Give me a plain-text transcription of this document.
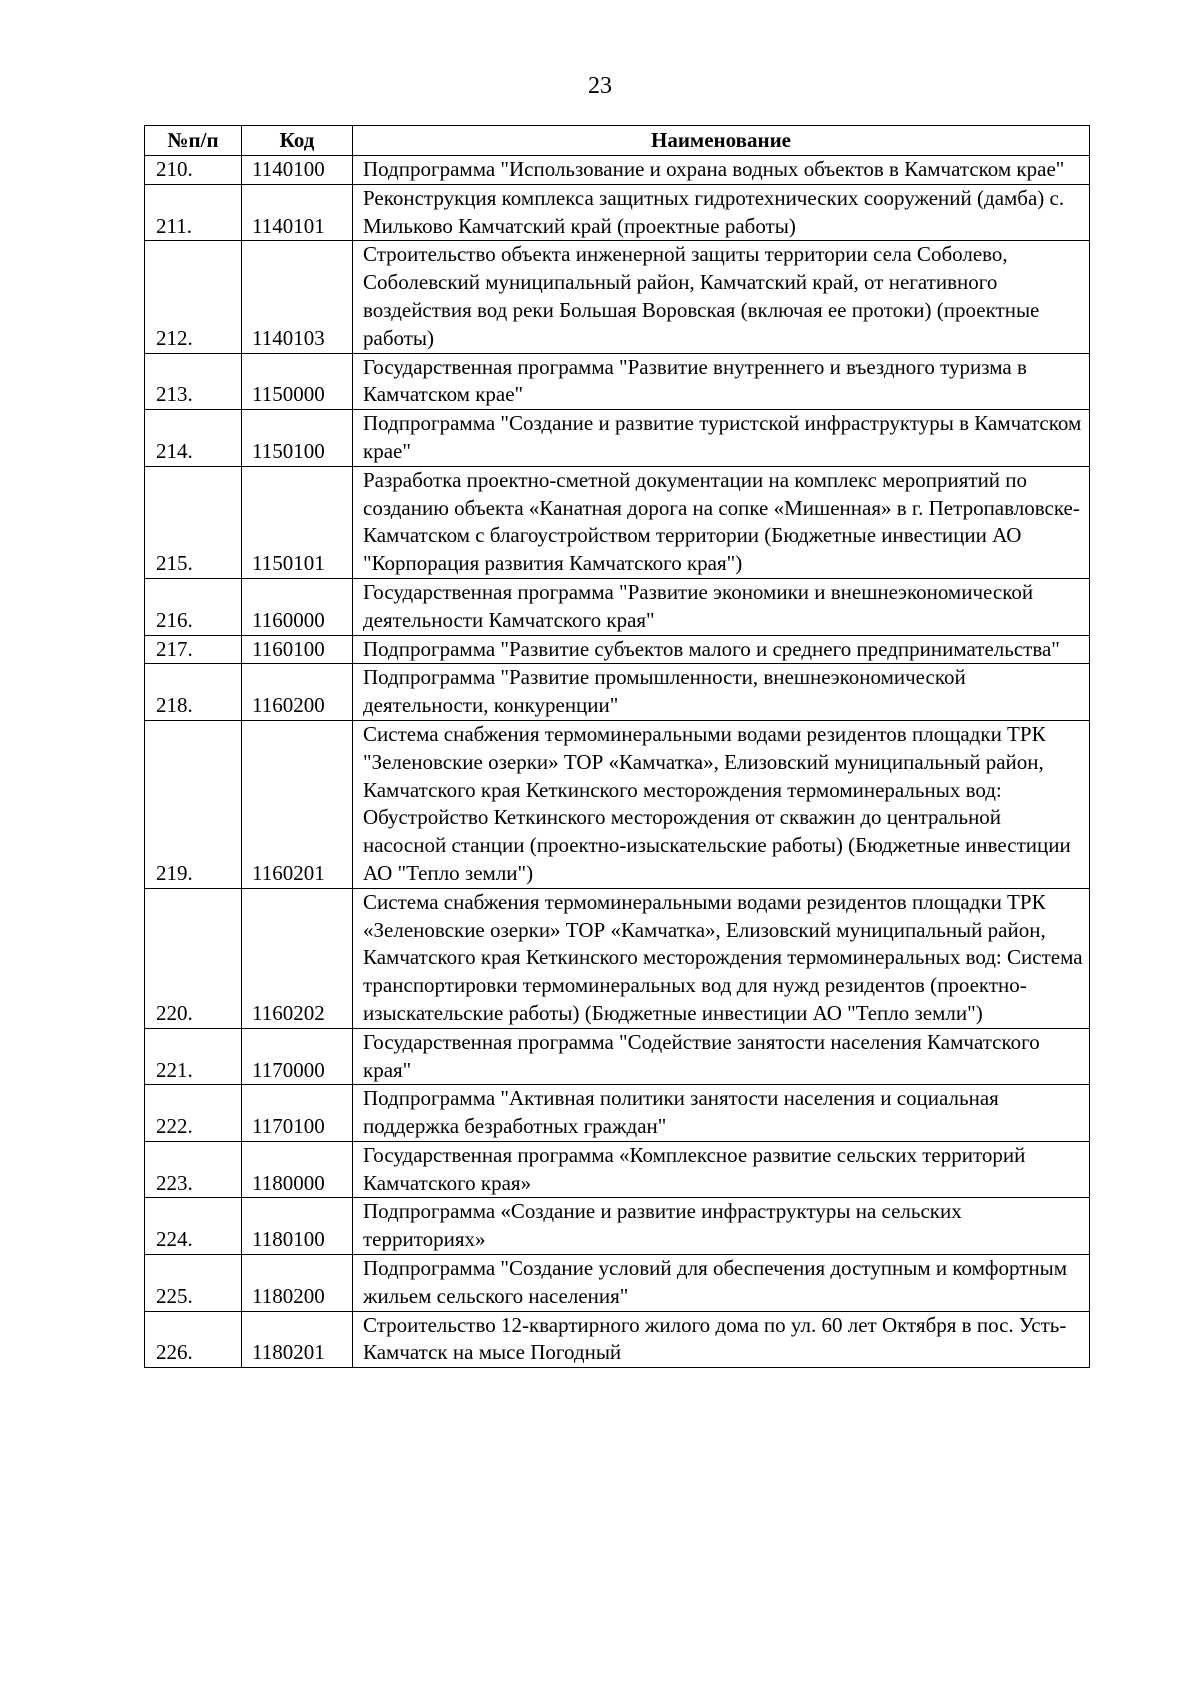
23
№п/п	Код	Наименование
210.	1140100	Подпрограмма "Использование и охрана водных объектов в Камчатском крае"
211.	1140101	Реконструкция комплекса защитных гидротехнических сооружений (дамба) с. Мильково Камчатский край (проектные работы)
212.	1140103	Строительство объекта инженерной защиты территории села Соболево, Соболевский муниципальный район, Камчатский край, от негативного воздействия вод реки Большая Воровская (включая ее протоки) (проектные работы)
213.	1150000	Государственная программа "Развитие внутреннего и въездного туризма в Камчатском крае"
214.	1150100	Подпрограмма "Создание и развитие туристской инфраструктуры в Камчатском крае"
215.	1150101	Разработка проектно-сметной документации на комплекс мероприятий по созданию объекта «Канатная дорога на сопке «Мишенная» в г. Петропавловске-Камчатском с благоустройством территории (Бюджетные инвестиции АО "Корпорация развития Камчатского края")
216.	1160000	Государственная программа "Развитие экономики и внешнеэкономической деятельности Камчатского края"
217.	1160100	Подпрограмма "Развитие субъектов малого и среднего предпринимательства"
218.	1160200	Подпрограмма "Развитие промышленности, внешнеэкономической деятельности, конкуренции"
219.	1160201	Система снабжения термоминеральными водами резидентов площадки ТРК "Зеленовские озерки» ТОР «Камчатка», Елизовский муниципальный район, Камчатского края Кеткинского месторождения термоминеральных вод: Обустройство Кеткинского месторождения от скважин до центральной насосной станции (проектно-изыскательские работы) (Бюджетные инвестиции АО "Тепло земли")
220.	1160202	Система снабжения термоминеральными водами резидентов площадки ТРК «Зеленовские озерки» ТОР «Камчатка», Елизовский муниципальный район, Камчатского края Кеткинского месторождения термоминеральных вод: Система транспортировки термоминеральных вод для нужд резидентов (проектно-изыскательские работы) (Бюджетные инвестиции АО "Тепло земли")
221.	1170000	Государственная программа "Содействие занятости населения Камчатского края"
222.	1170100	Подпрограмма "Активная политики занятости населения и социальная поддержка безработных граждан"
223.	1180000	Государственная программа «Комплексное развитие сельских территорий Камчатского края»
224.	1180100	Подпрограмма «Создание и развитие инфраструктуры на сельских территориях»
225.	1180200	Подпрограмма "Создание условий для обеспечения доступным и комфортным жильем сельского населения"
226.	1180201	Строительство 12-квартирного жилого дома по ул. 60 лет Октября в пос. Усть-Камчатск на мысе Погодный
